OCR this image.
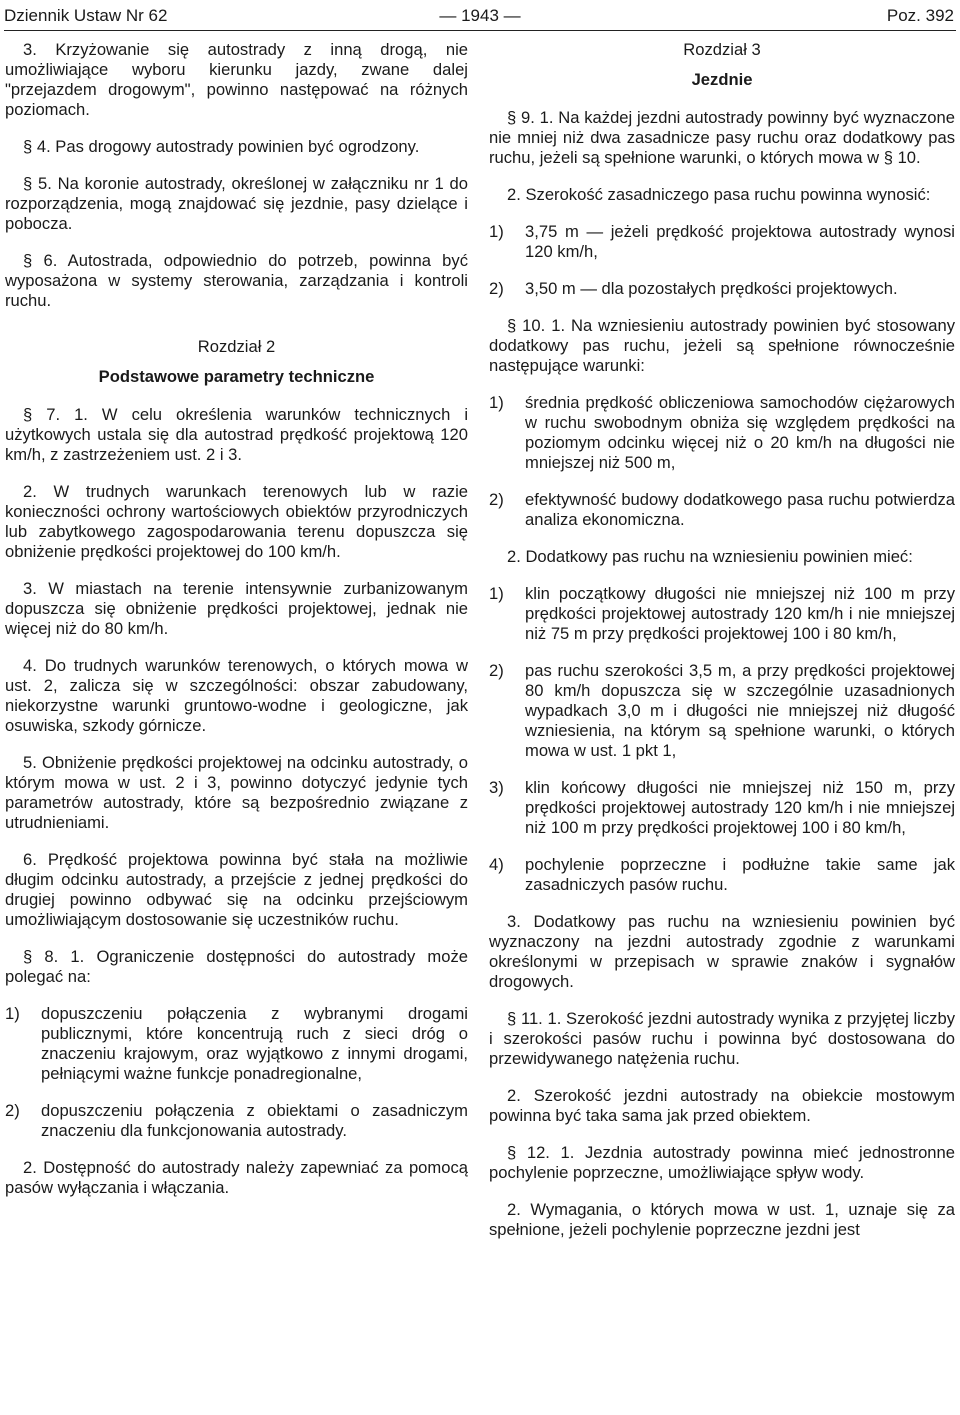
Dziennik Ustaw Nr 62	— 1943 —	Poz. 392

3. Krzyżowanie się autostrady z inną drogą, nie umożliwiające wyboru kierunku jazdy, zwane dalej "przejazdem drogowym", powinno następować na różnych poziomach.

§ 4. Pas drogowy autostrady powinien być ogrodzony.

§ 5. Na koronie autostrady, określonej w załączniku nr 1 do rozporządzenia, mogą znajdować się jezdnie, pasy dzielące i pobocza.

§ 6. Autostrada, odpowiednio do potrzeb, powinna być wyposażona w systemy sterowania, zarządzania i kontroli ruchu.

Rozdział 2

Podstawowe parametry techniczne

§ 7. 1. W celu określenia warunków technicznych i użytkowych ustala się dla autostrad prędkość projektową 120 km/h, z zastrzeżeniem ust. 2 i 3.

2. W trudnych warunkach terenowych lub w razie konieczności ochrony wartościowych obiektów przyrodniczych lub zabytkowego zagospodarowania terenu dopuszcza się obniżenie prędkości projektowej do 100 km/h.

3. W miastach na terenie intensywnie zurbanizowanym dopuszcza się obniżenie prędkości projektowej, jednak nie więcej niż do 80 km/h.

4. Do trudnych warunków terenowych, o których mowa w ust. 2, zalicza się w szczególności: obszar zabudowany, niekorzystne warunki gruntowo-wodne i geologiczne, jak osuwiska, szkody górnicze.

5. Obniżenie prędkości projektowej na odcinku autostrady, o którym mowa w ust. 2 i 3, powinno dotyczyć jedynie tych parametrów autostrady, które są bezpośrednio związane z utrudnieniami.

6. Prędkość projektowa powinna być stała na możliwie długim odcinku autostrady, a przejście z jednej prędkości do drugiej powinno odbywać się na odcinku przejściowym umożliwiającym dostosowanie się uczestników ruchu.

§ 8. 1. Ograniczenie dostępności do autostrady może polegać na:

1)	dopuszczeniu połączenia z wybranymi drogami publicznymi, które koncentrują ruch z sieci dróg o znaczeniu krajowym, oraz wyjątkowo z innymi drogami, pełniącymi ważne funkcje ponadregionalne,
2)	dopuszczeniu połączenia z obiektami o zasadniczym znaczeniu dla funkcjonowania autostrady.

2. Dostępność do autostrady należy zapewniać za pomocą pasów wyłączania i włączania.

Rozdział 3

Jezdnie

§ 9. 1. Na każdej jezdni autostrady powinny być wyznaczone nie mniej niż dwa zasadnicze pasy ruchu oraz dodatkowy pas ruchu, jeżeli są spełnione warunki, o których mowa w § 10.

2. Szerokość zasadniczego pasa ruchu powinna wynosić:

1)	3,75 m — jeżeli prędkość projektowa autostrady wynosi 120 km/h,
2)	3,50 m — dla pozostałych prędkości projektowych.

§ 10. 1. Na wzniesieniu autostrady powinien być stosowany dodatkowy pas ruchu, jeżeli są spełnione równocześnie następujące warunki:

1)	średnia prędkość obliczeniowa samochodów ciężarowych w ruchu swobodnym obniża się względem prędkości na poziomym odcinku więcej niż o 20 km/h na długości nie mniejszej niż 500 m,
2)	efektywność budowy dodatkowego pasa ruchu potwierdza analiza ekonomiczna.

2. Dodatkowy pas ruchu na wzniesieniu powinien mieć:

1)	klin początkowy długości nie mniejszej niż 100 m przy prędkości projektowej autostrady 120 km/h i nie mniejszej niż 75 m przy prędkości projektowej 100 i 80 km/h,
2)	pas ruchu szerokości 3,5 m, a przy prędkości projektowej 80 km/h dopuszcza się w szczególnie uzasadnionych wypadkach 3,0 m i długości nie mniejszej niż długość wzniesienia, na którym są spełnione warunki, o których mowa w ust. 1 pkt 1,
3)	klin końcowy długości nie mniejszej niż 150 m, przy prędkości projektowej autostrady 120 km/h i nie mniejszej niż 100 m przy prędkości projektowej 100 i 80 km/h,
4)	pochylenie poprzeczne i podłużne takie same jak zasadniczych pasów ruchu.

3. Dodatkowy pas ruchu na wzniesieniu powinien być wyznaczony na jezdni autostrady zgodnie z warunkami określonymi w przepisach w sprawie znaków i sygnałów drogowych.

§ 11. 1. Szerokość jezdni autostrady wynika z przyjętej liczby i szerokości pasów ruchu i powinna być dostosowana do przewidywanego natężenia ruchu.

2. Szerokość jezdni autostrady na obiekcie mostowym powinna być taka sama jak przed obiektem.

§ 12. 1. Jezdnia autostrady powinna mieć jednostronne pochylenie poprzeczne, umożliwiające spływ wody.

2. Wymagania, o których mowa w ust. 1, uznaje się za spełnione, jeżeli pochylenie poprzeczne jezdni jest
